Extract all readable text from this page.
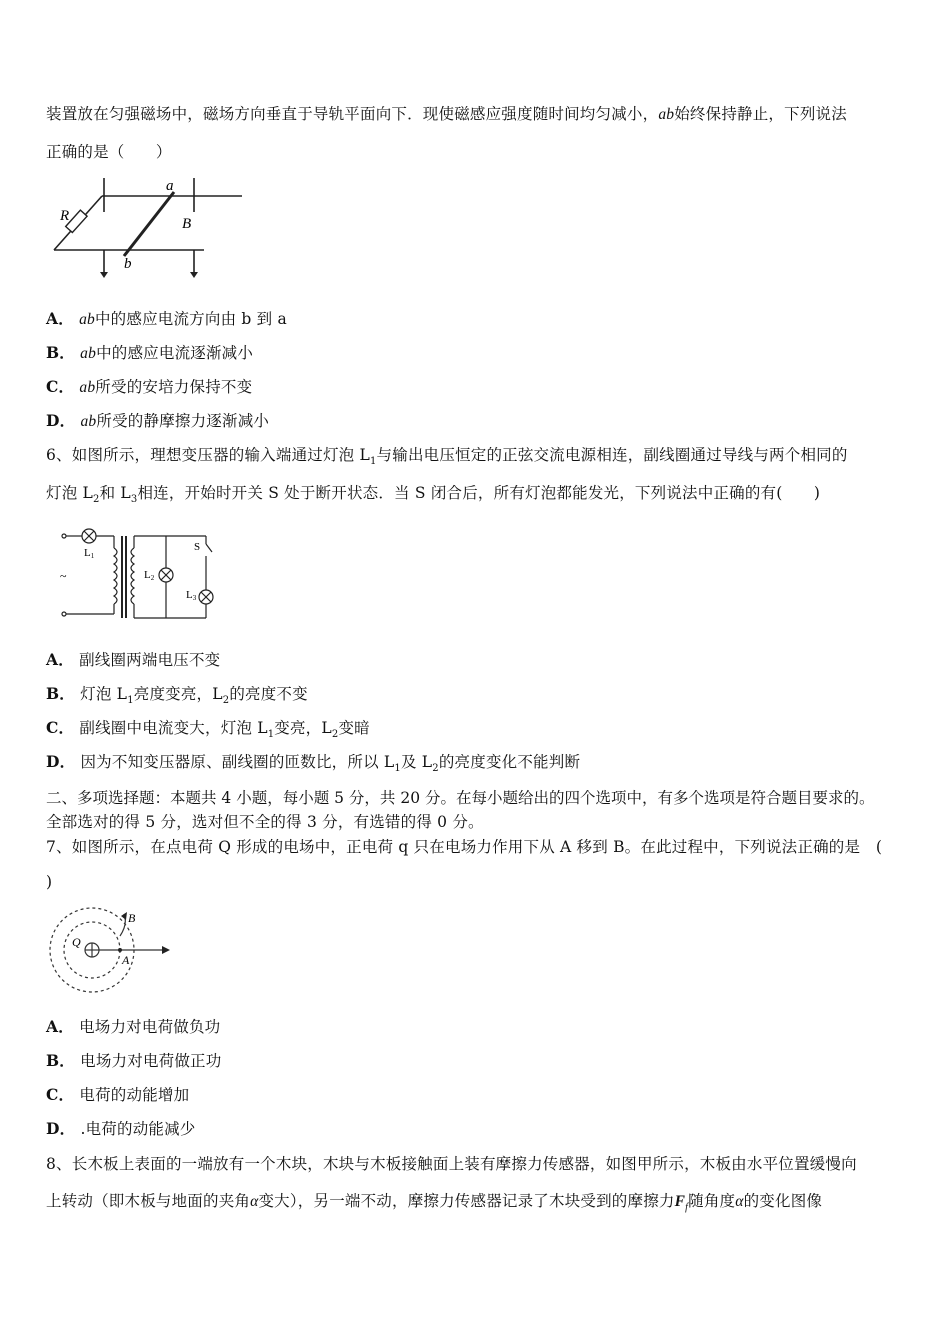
装置放在匀强磁场中，磁场方向垂直于导轨平面向下．现使磁感应强度随时间均匀减小，ab始终保持静止，下列说法
正确的是（　　）
R
a
B
b
A． ab中的感应电流方向由 b 到 a
B． ab中的感应电流逐渐减小
C． ab所受的安培力保持不变
D． ab所受的静摩擦力逐渐减小
6、如图所示，理想变压器的输入端通过灯泡 $L_1$与输出电压恒定的正弦交流电源相连，副线圈通过导线与两个相同的
灯泡 $L_2$和 $L_3$相连，开始时开关 S 处于断开状态．当 S 闭合后，所有灯泡都能发光，下列说法中正确的有(　　)
L1
L2
L3
S
~
A． 副线圈两端电压不变
B． 灯泡 $L_1$亮度变亮，$L_2$的亮度不变
C． 副线圈中电流变大，灯泡 $L_1$变亮，$L_2$变暗
D． 因为不知变压器原、副线圈的匝数比，所以 $L_1$及 $L_2$的亮度变化不能判断
二、多项选择题：本题共 4 小题，每小题 5 分，共 20 分。在每小题给出的四个选项中，有多个选项是符合题目要求的。
全部选对的得 5 分，选对但不全的得 3 分，有选错的得 0 分。
7、如图所示，在点电荷 Q 形成的电场中，正电荷 q 只在电场力作用下从 A 移到 B。在此过程中，下列说法正确的是　(
)
Q
A
B
A． 电场力对电荷做负功
B． 电场力对电荷做正功
C． 电荷的动能增加
D． .电荷的动能减少
8、长木板上表面的一端放有一个木块，木块与木板接触面上装有摩擦力传感器，如图甲所示，木板由水平位置缓慢向
上转动（即木板与地面的夹角α变大），另一端不动，摩擦力传感器记录了木块受到的摩擦力$F_f$随角度α的变化图像
